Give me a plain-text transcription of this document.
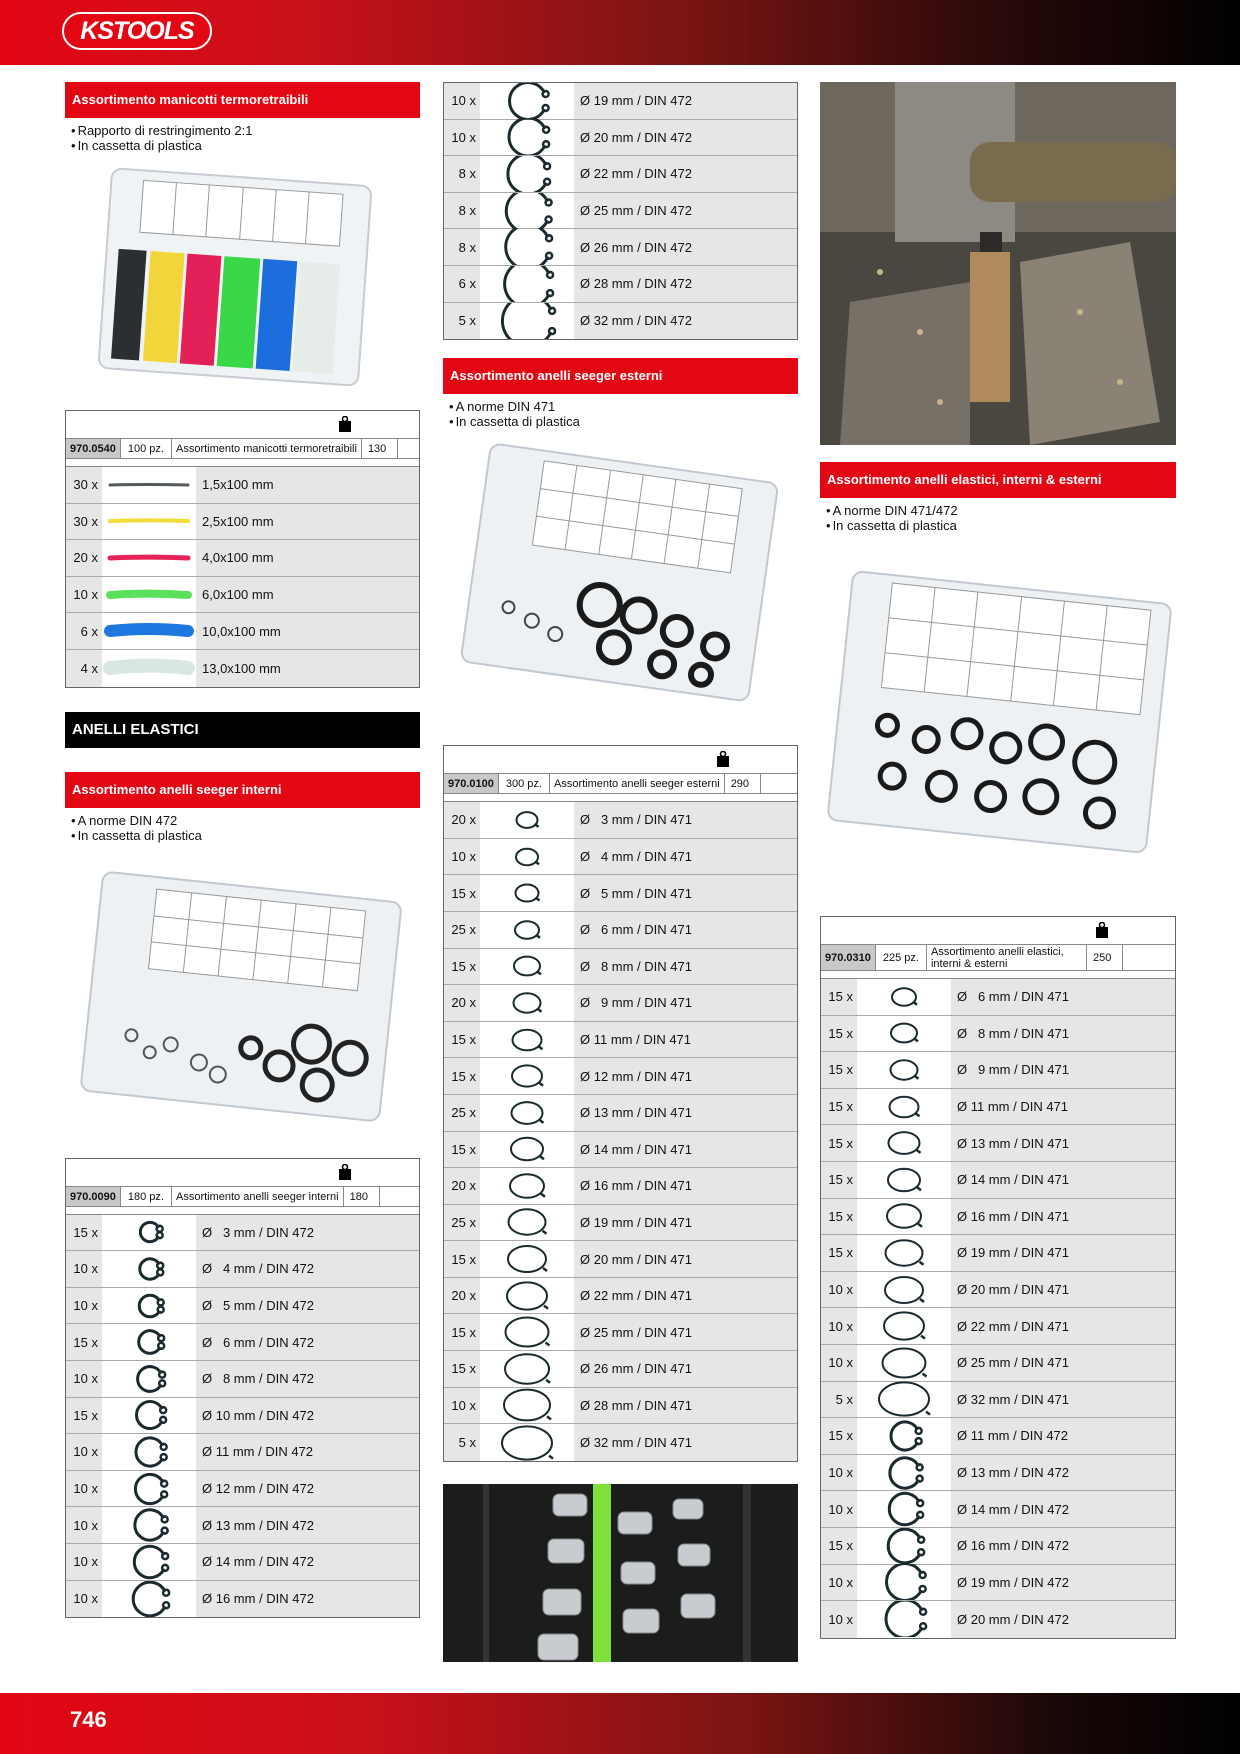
KSTOOLS
Assortimento manicotti termoretraibili
• Rapporto di restringimento 2:1
• In cassetta di plastica
970.0540	100 pz.	Assortimento manicotti termoretraibili	130
30 x	1,5x100 mm
30 x	2,5x100 mm
20 x	4,0x100 mm
10 x	6,0x100 mm
6 x	10,0x100 mm
4 x	13,0x100 mm
ANELLI ELASTICI
Assortimento anelli seeger interni
• A norme DIN 472
• In cassetta di plastica
970.0090	180 pz.	Assortimento anelli seeger interni	180
15 x	Ø   3 mm / DIN 472
10 x	Ø   4 mm / DIN 472
10 x	Ø   5 mm / DIN 472
15 x	Ø   6 mm / DIN 472
10 x	Ø   8 mm / DIN 472
15 x	Ø 10 mm / DIN 472
10 x	Ø 11 mm / DIN 472
10 x	Ø 12 mm / DIN 472
10 x	Ø 13 mm / DIN 472
10 x	Ø 14 mm / DIN 472
10 x	Ø 16 mm / DIN 472
10 x	Ø 19 mm / DIN 472
10 x	Ø 20 mm / DIN 472
8 x	Ø 22 mm / DIN 472
8 x	Ø 25 mm / DIN 472
8 x	Ø 26 mm / DIN 472
6 x	Ø 28 mm / DIN 472
5 x	Ø 32 mm / DIN 472
Assortimento anelli seeger esterni
• A norme DIN 471
• In cassetta di plastica
970.0100	300 pz.	Assortimento anelli seeger esterni	290
20 x	Ø   3 mm / DIN 471
10 x	Ø   4 mm / DIN 471
15 x	Ø   5 mm / DIN 471
25 x	Ø   6 mm / DIN 471
15 x	Ø   8 mm / DIN 471
20 x	Ø   9 mm / DIN 471
15 x	Ø 11 mm / DIN 471
15 x	Ø 12 mm / DIN 471
25 x	Ø 13 mm / DIN 471
15 x	Ø 14 mm / DIN 471
20 x	Ø 16 mm / DIN 471
25 x	Ø 19 mm / DIN 471
15 x	Ø 20 mm / DIN 471
20 x	Ø 22 mm / DIN 471
15 x	Ø 25 mm / DIN 471
15 x	Ø 26 mm / DIN 471
10 x	Ø 28 mm / DIN 471
5 x	Ø 32 mm / DIN 471
Assortimento anelli elastici, interni & esterni
• A norme DIN 471/472
• In cassetta di plastica
970.0310	225 pz.	Assortimento anelli elastici, interni & esterni	250
15 x	Ø   6 mm / DIN 471
15 x	Ø   8 mm / DIN 471
15 x	Ø   9 mm / DIN 471
15 x	Ø 11 mm / DIN 471
15 x	Ø 13 mm / DIN 471
15 x	Ø 14 mm / DIN 471
15 x	Ø 16 mm / DIN 471
15 x	Ø 19 mm / DIN 471
10 x	Ø 20 mm / DIN 471
10 x	Ø 22 mm / DIN 471
10 x	Ø 25 mm / DIN 471
5 x	Ø 32 mm / DIN 471
15 x	Ø 11 mm / DIN 472
10 x	Ø 13 mm / DIN 472
10 x	Ø 14 mm / DIN 472
15 x	Ø 16 mm / DIN 472
10 x	Ø 19 mm / DIN 472
10 x	Ø 20 mm / DIN 472
746
